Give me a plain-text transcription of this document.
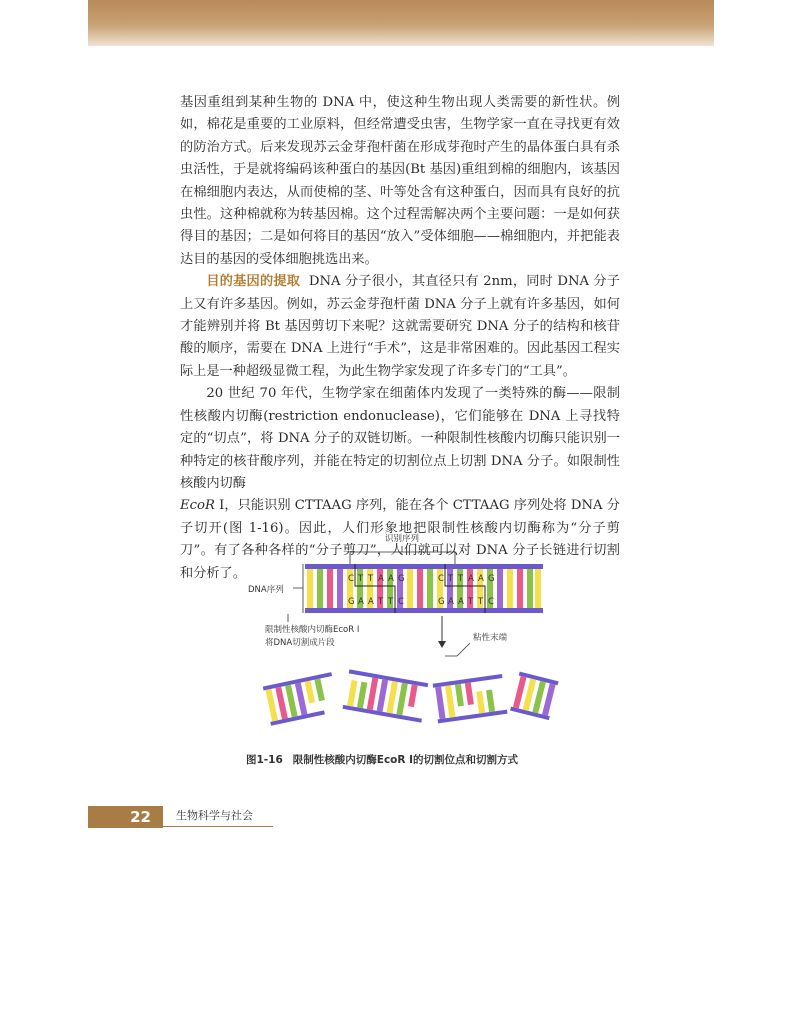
基因重组到某种生物的 DNA 中，使这种生物出现人类需要的新性状。例如，棉花是重要的工业原料，但经常遭受虫害，生物学家一直在寻找更有效的防治方式。后来发现苏云金芽孢杆菌在形成芽孢时产生的晶体蛋白具有杀虫活性，于是就将编码该种蛋白的基因(Bt 基因)重组到棉的细胞内，该基因在棉细胞内表达，从而使棉的茎、叶等处含有这种蛋白，因而具有良好的抗虫性。这种棉就称为转基因棉。这个过程需解决两个主要问题：一是如何获得目的基因；二是如何将目的基因“放入”受体细胞——棉细胞内，并把能表达目的基因的受体细胞挑选出来。

目的基因的提取 DNA 分子很小，其直径只有 2nm，同时 DNA 分子上又有许多基因。例如，苏云金芽孢杆菌 DNA 分子上就有许多基因，如何才能辨别并将 Bt 基因剪切下来呢？这就需要研究 DNA 分子的结构和核苷酸的顺序，需要在 DNA 上进行“手术”，这是非常困难的。因此基因工程实际上是一种超级显微工程，为此生物学家发现了许多专门的“工具”。

20 世纪 70 年代，生物学家在细菌体内发现了一类特殊的酶——限制性核酸内切酶(restriction endonuclease)，它们能够在 DNA 上寻找特定的“切点”，将 DNA 分子的双链切断。一种限制性核酸内切酶只能识别一种特定的核苷酸序列，并能在特定的切割位点上切割 DNA 分子。如限制性核酸内切酶
EcoR I，只能识别 CTTAAG 序列，能在各个 CTTAAG 序列处将 DNA 分子切开(图 1-16)。因此，人们形象地把限制性核酸内切酶称为“分子剪刀”。有了各种各样的“分子剪刀”，人们就可以对 DNA 分子长链进行切割和分析了。

识别序列
DNA序列
C T T A A G
G A A T T C
C T T A A G
G A A T T C
限制性核酸内切酶EcoR I
将DNA切割成片段	粘性末端
图1-16 限制性核酸内切酶EcoR I的切割位点和切割方式
22 生物科学与社会
